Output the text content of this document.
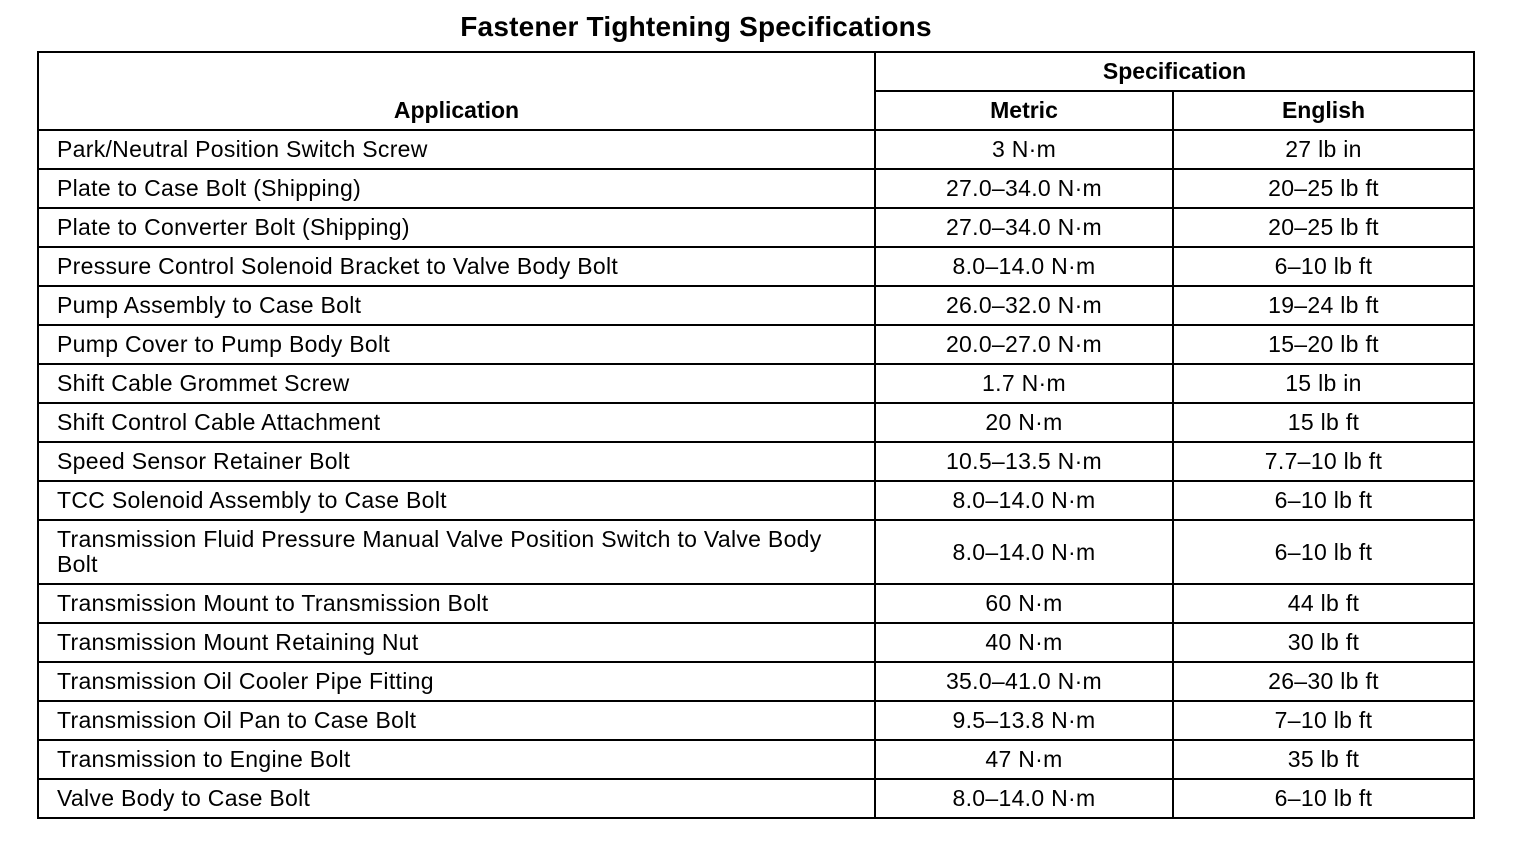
Fastener Tightening Specifications
Application	Specification	
	Metric	English
Park/Neutral Position Switch Screw	3 N·m	27 lb in
Plate to Case Bolt (Shipping)	27.0–34.0 N·m	20–25 lb ft
Plate to Converter Bolt (Shipping)	27.0–34.0 N·m	20–25 lb ft
Pressure Control Solenoid Bracket to Valve Body Bolt	8.0–14.0 N·m	6–10 lb ft
Pump Assembly to Case Bolt	26.0–32.0 N·m	19–24 lb ft
Pump Cover to Pump Body Bolt	20.0–27.0 N·m	15–20 lb ft
Shift Cable Grommet Screw	1.7 N·m	15 lb in
Shift Control Cable Attachment	20 N·m	15 lb ft
Speed Sensor Retainer Bolt	10.5–13.5 N·m	7.7–10 lb ft
TCC Solenoid Assembly to Case Bolt	8.0–14.0 N·m	6–10 lb ft
Transmission Fluid Pressure Manual Valve Position Switch to Valve Body Bolt	8.0–14.0 N·m	6–10 lb ft
Transmission Mount to Transmission Bolt	60 N·m	44 lb ft
Transmission Mount Retaining Nut	40 N·m	30 lb ft
Transmission Oil Cooler Pipe Fitting	35.0–41.0 N·m	26–30 lb ft
Transmission Oil Pan to Case Bolt	9.5–13.8 N·m	7–10 lb ft
Transmission to Engine Bolt	47 N·m	35 lb ft
Valve Body to Case Bolt	8.0–14.0 N·m	6–10 lb ft
